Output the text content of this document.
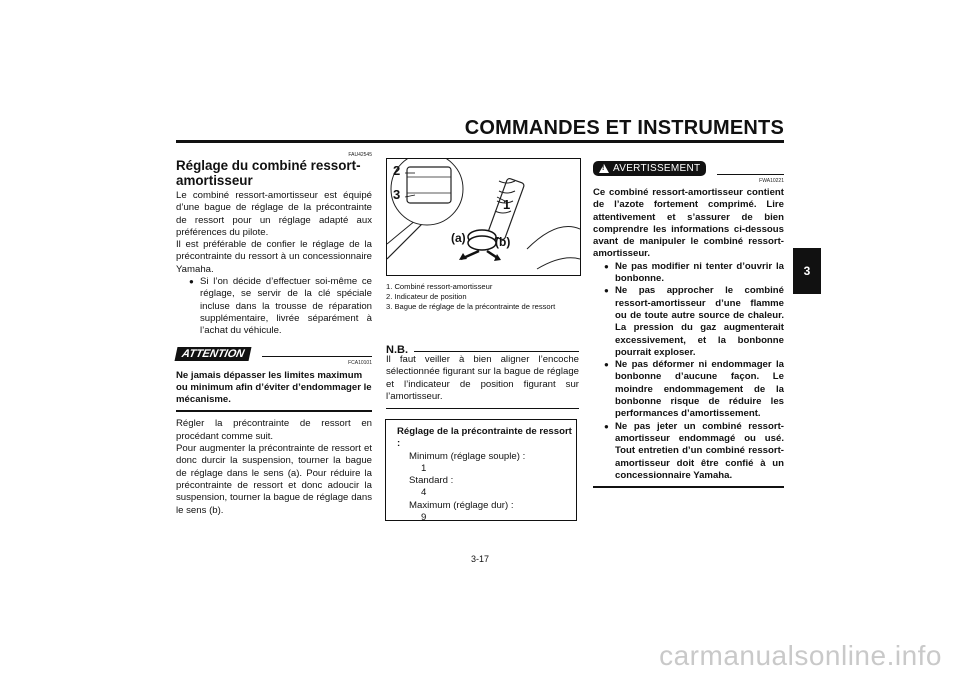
COMMANDES ET INSTRUMENTS
3
FAU42545
Réglage du combiné ressort-amortisseur
Le combiné ressort-amortisseur est équipé d’une bague de réglage de la précontrainte de ressort pour un réglage adapté aux préférences du pilote.
Il est préférable de confier le réglage de la précontrainte du ressort à un concessionnaire Yamaha.
● Si l’on décide d’effectuer soi-même ce réglage, se servir de la clé spéciale incluse dans la trousse de réparation supplémentaire, livrée séparément à l’achat du véhicule.
ATTENTION
FCA10101
Ne jamais dépasser les limites maximum ou minimum afin d’éviter d’endommager le mécanisme.
Régler la précontrainte de ressort en procédant comme suit.
Pour augmenter la précontrainte de ressort et donc durcir la suspension, tourner la bague de réglage dans le sens (a). Pour réduire la précontrainte de ressort et donc adoucir la suspension, tourner la bague de réglage dans le sens (b).
2
3
1
(a) (b)
1. Combiné ressort-amortisseur
2. Indicateur de position
3. Bague de réglage de la précontrainte de ressort
N.B.
Il faut veiller à bien aligner l’encoche sélectionnée figurant sur la bague de réglage et l’indicateur de position figurant sur l’amortisseur.
Réglage de la précontrainte de ressort :
Minimum (réglage souple) :
1
Standard :
4
Maximum (réglage dur) :
9
! AVERTISSEMENT
FWA10221
Ce combiné ressort-amortisseur contient de l’azote fortement comprimé. Lire attentivement et s’assurer de bien comprendre les informations ci-dessous avant de manipuler le combiné ressort-amortisseur.
● Ne pas modifier ni tenter d’ouvrir la bonbonne.
● Ne pas approcher le combiné ressort-amortisseur d’une flamme ou de toute autre source de chaleur. La pression du gaz augmenterait excessivement, et la bonbonne pourrait exploser.
● Ne pas déformer ni endommager la bonbonne d’aucune façon. Le moindre endommagement de la bonbonne risque de réduire les performances d’amortissement.
● Ne pas jeter un combiné ressort-amortisseur endommagé ou usé. Tout entretien d’un combiné ressort-amortisseur doit être confié à un concessionnaire Yamaha.
3-17
carmanualsonline.info
